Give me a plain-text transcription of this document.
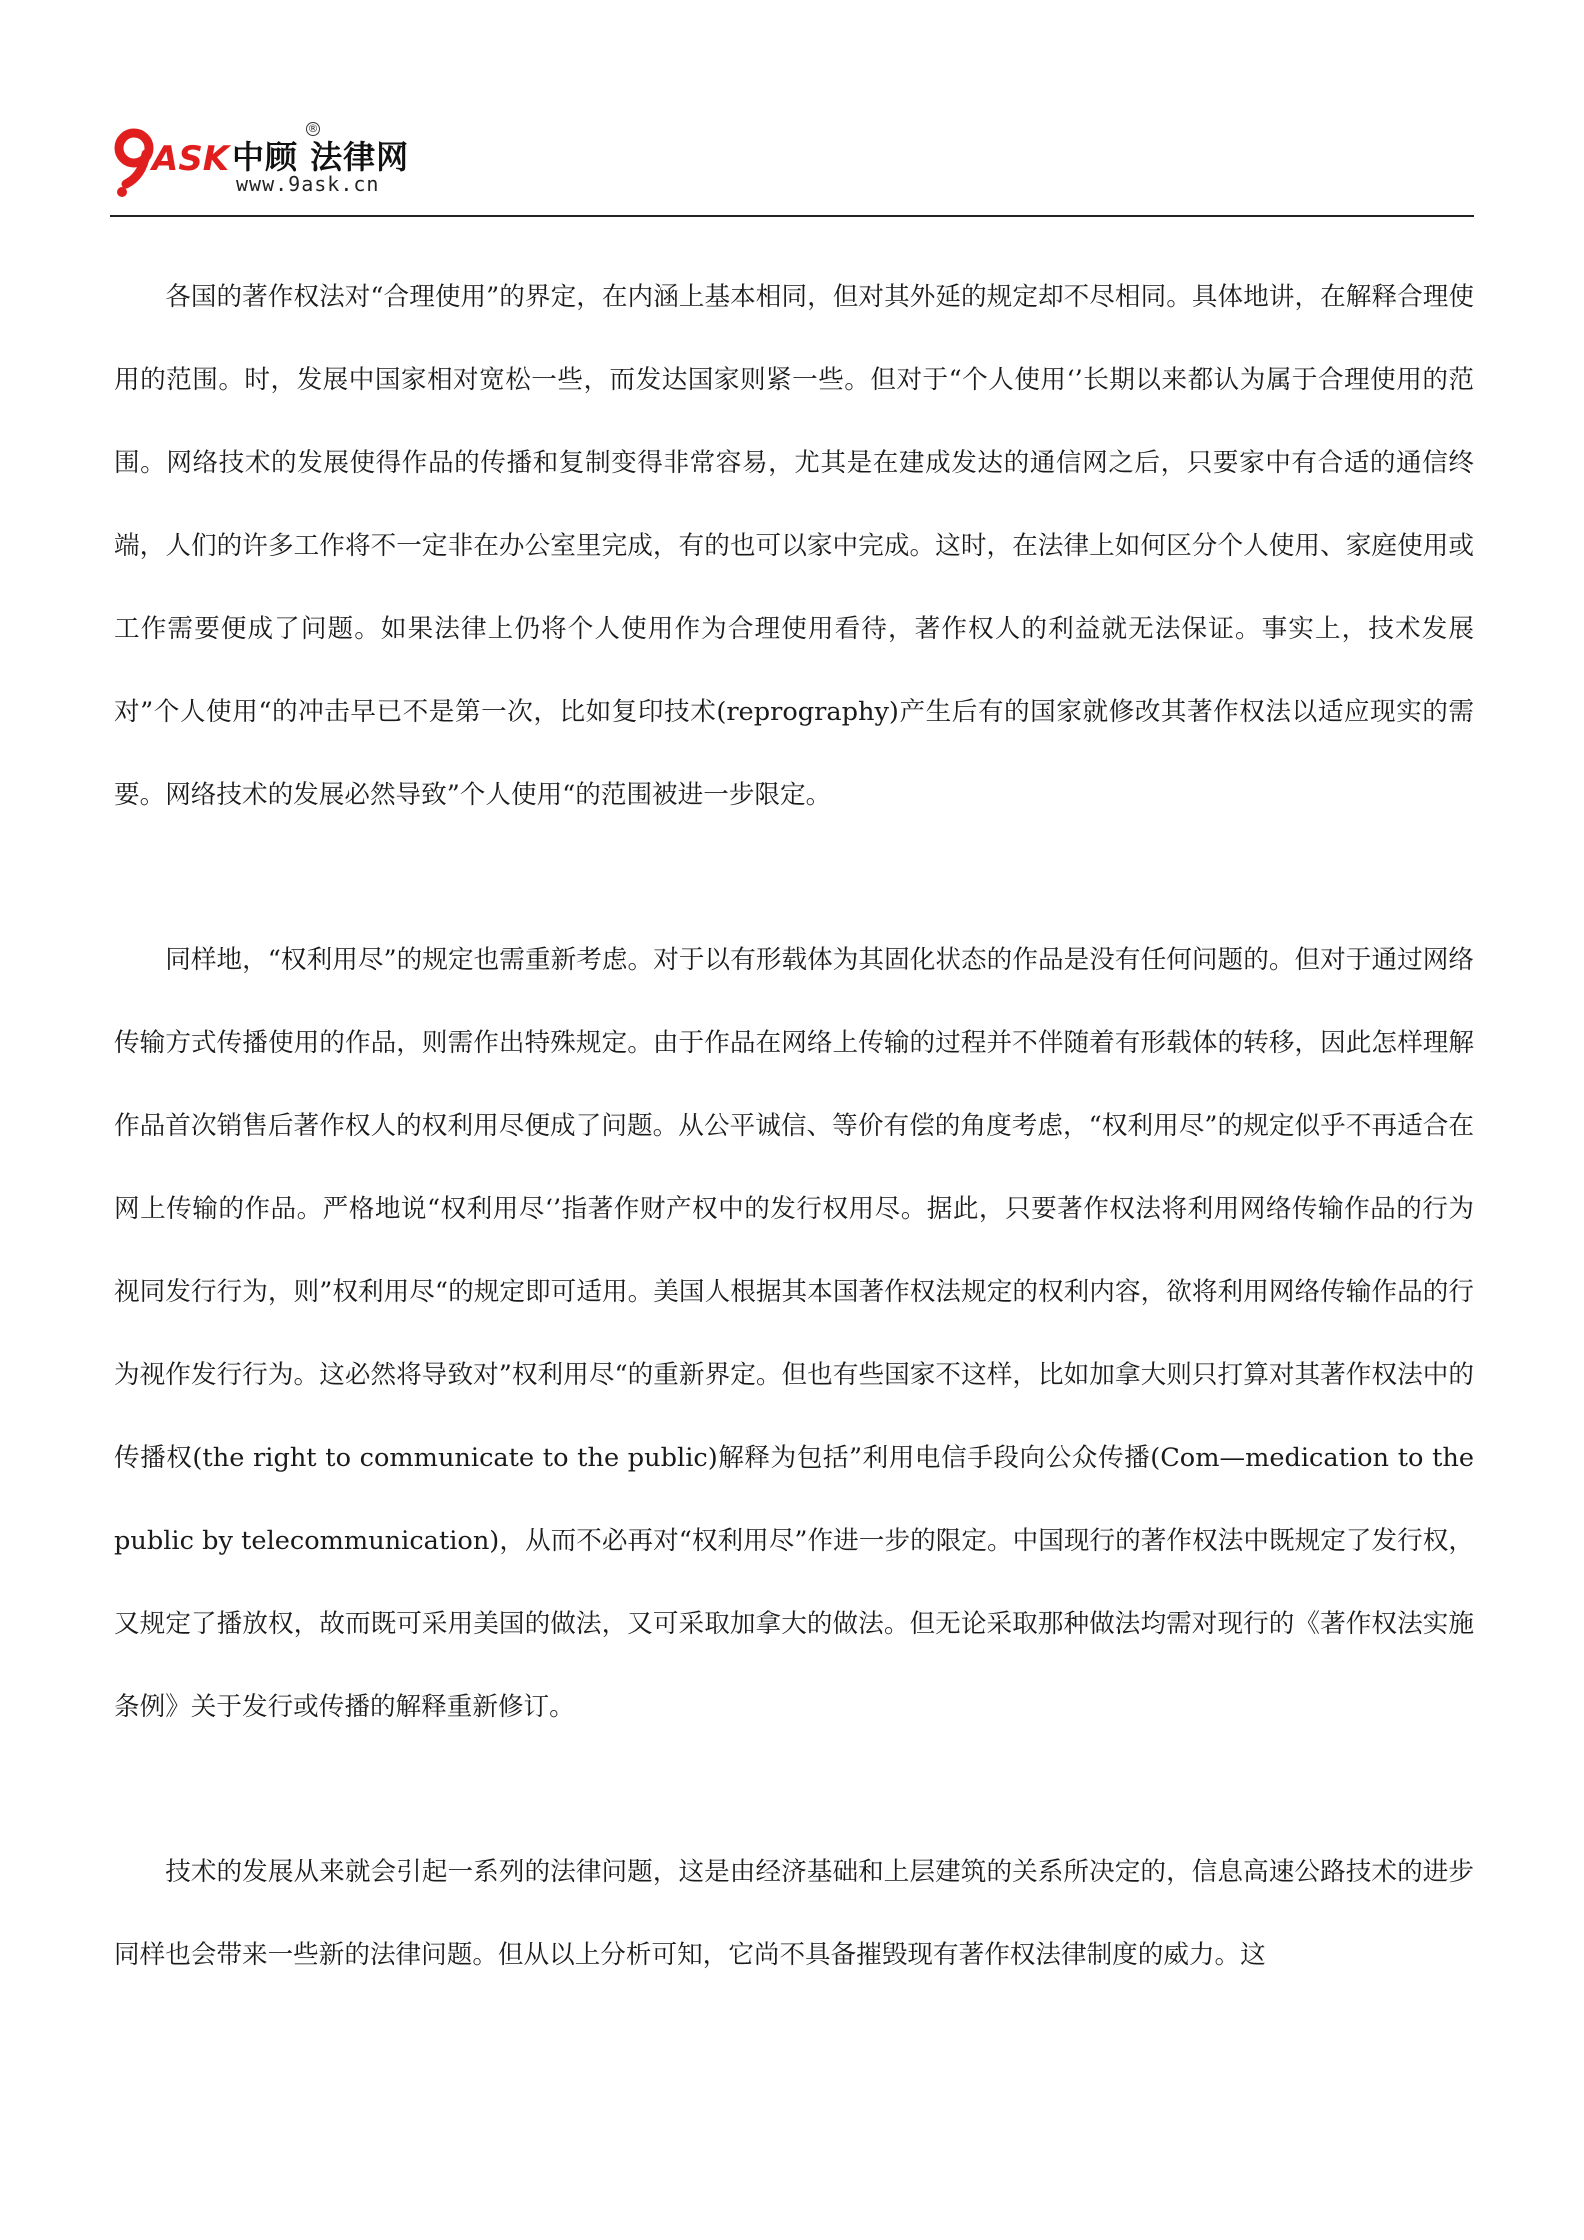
ASK 中顾 法律网
®
www.9ask.cn

各国的著作权法对“合理使用”的界定，在内涵上基本相同，但对其外延的规定却不尽相同。具体地讲，在解释合理使用的范围。时，发展中国家相对宽松一些，而发达国家则紧一些。但对于“个人使用‘’长期以来都认为属于合理使用的范围。网络技术的发展使得作品的传播和复制变得非常容易，尤其是在建成发达的通信网之后，只要家中有合适的通信终端，人们的许多工作将不一定非在办公室里完成，有的也可以家中完成。这时，在法律上如何区分个人使用、家庭使用或工作需要便成了问题。如果法律上仍将个人使用作为合理使用看待，著作权人的利益就无法保证。事实上，技术发展对”个人使用“的冲击早已不是第一次，比如复印技术(reprography)产生后有的国家就修改其著作权法以适应现实的需要。网络技术的发展必然导致”个人使用“的范围被进一步限定。

同样地，“权利用尽”的规定也需重新考虑。对于以有形载体为其固化状态的作品是没有任何问题的。但对于通过网络传输方式传播使用的作品，则需作出特殊规定。由于作品在网络上传输的过程并不伴随着有形载体的转移，因此怎样理解作品首次销售后著作权人的权利用尽便成了问题。从公平诚信、等价有偿的角度考虑，“权利用尽”的规定似乎不再适合在网上传输的作品。严格地说“权利用尽‘’指著作财产权中的发行权用尽。据此，只要著作权法将利用网络传输作品的行为视同发行行为，则”权利用尽“的规定即可适用。美国人根据其本国著作权法规定的权利内容，欲将利用网络传输作品的行为视作发行行为。这必然将导致对”权利用尽“的重新界定。但也有些国家不这样，比如加拿大则只打算对其著作权法中的传播权(the right to communicate to the public)解释为包括”利用电信手段向公众传播(Com—medication to the public by telecommunication)，从而不必再对“权利用尽”作进一步的限定。中国现行的著作权法中既规定了发行权，又规定了播放权，故而既可采用美国的做法，又可采取加拿大的做法。但无论采取那种做法均需对现行的《著作权法实施条例》关于发行或传播的解释重新修订。

技术的发展从来就会引起一系列的法律问题，这是由经济基础和上层建筑的关系所决定的，信息高速公路技术的进步同样也会带来一些新的法律问题。但从以上分析可知，它尚不具备摧毁现有著作权法律制度的威力。这
